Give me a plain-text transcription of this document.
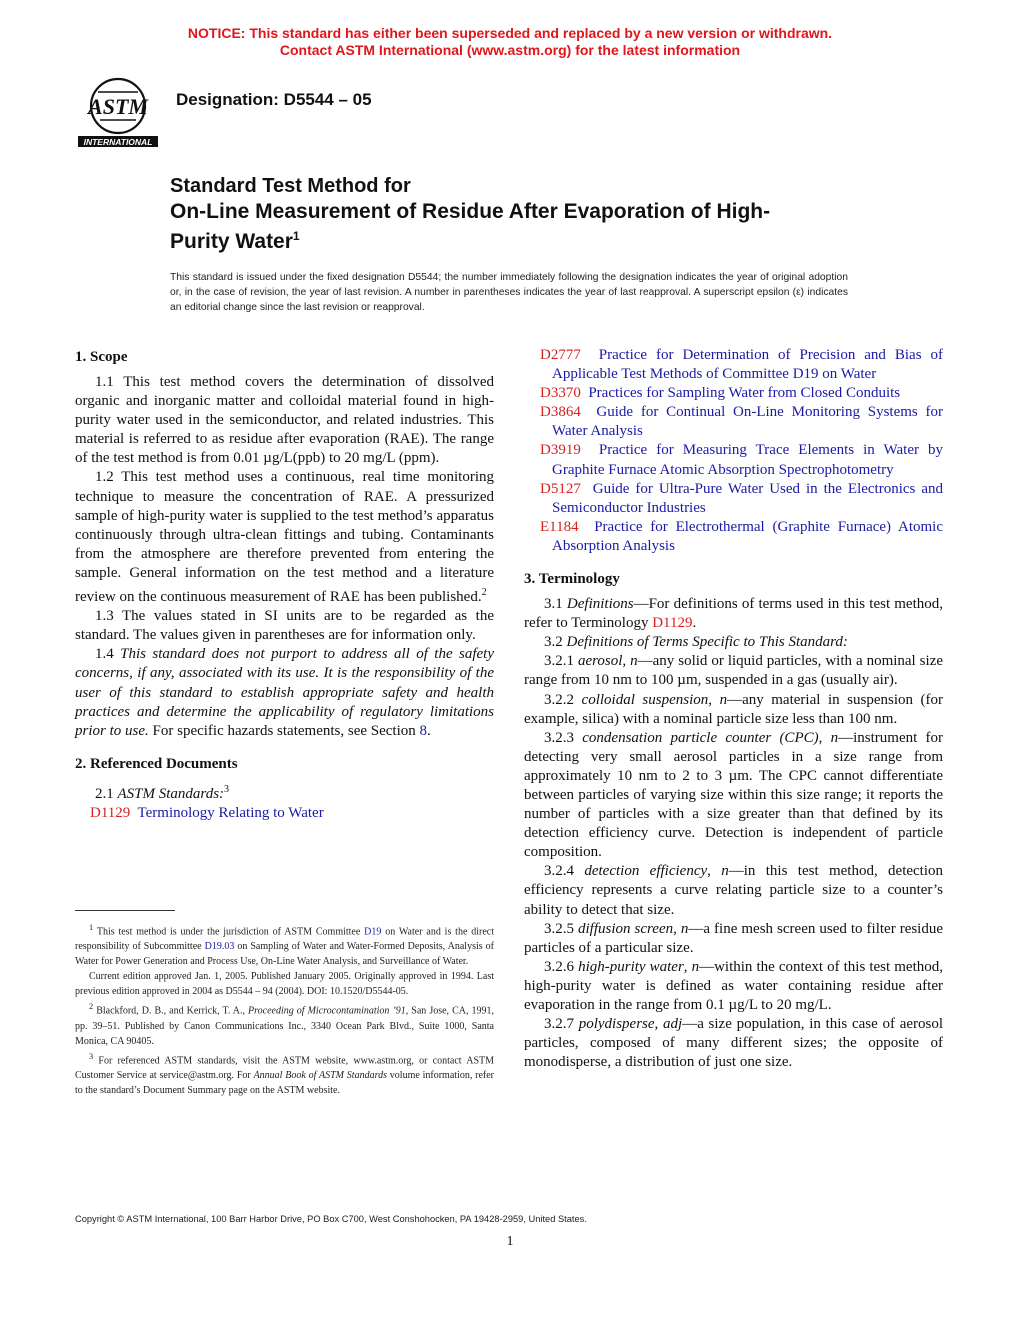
NOTICE: This standard has either been superseded and replaced by a new version or withdrawn.
Contact ASTM International (www.astm.org) for the latest information
ASTM
INTERNATIONAL
Designation: D5544 – 05
Standard Test Method for
On-Line Measurement of Residue After Evaporation of High-
Purity Water$^1$
This standard is issued under the fixed designation D5544; the number immediately following the designation indicates the year of original adoption or, in the case of revision, the year of last revision. A number in parentheses indicates the year of last reapproval. A superscript epsilon (ε) indicates an editorial change since the last revision or reapproval.
1. Scope

1.1 This test method covers the determination of dissolved organic and inorganic matter and colloidal material found in high-purity water used in the semiconductor, and related industries. This material is referred to as residue after evaporation (RAE). The range of the test method is from 0.01 µg/L(ppb) to 20 mg/L (ppm).

1.2 This test method uses a continuous, real time monitoring technique to measure the concentration of RAE. A pressurized sample of high-purity water is supplied to the test method’s apparatus continuously through ultra-clean fittings and tubing. Contaminants from the atmosphere are therefore prevented from entering the sample. General information on the test method and a literature review on the continuous measurement of RAE has been published.$^2$

1.3 The values stated in SI units are to be regarded as the standard. The values given in parentheses are for information only.

1.4 This standard does not purport to address all of the safety concerns, if any, associated with its use. It is the responsibility of the user of this standard to establish appropriate safety and health practices and determine the applicability of regulatory limitations prior to use. For specific hazards statements, see Section 8.

2. Referenced Documents

2.1 ASTM Standards:$^3$

D1129 Terminology Relating to Water

D2777 Practice for Determination of Precision and Bias of Applicable Test Methods of Committee D19 on Water

D3370 Practices for Sampling Water from Closed Conduits

D3864 Guide for Continual On-Line Monitoring Systems for Water Analysis

D3919 Practice for Measuring Trace Elements in Water by Graphite Furnace Atomic Absorption Spectrophotometry

D5127 Guide for Ultra-Pure Water Used in the Electronics and Semiconductor Industries

E1184 Practice for Electrothermal (Graphite Furnace) Atomic Absorption Analysis

3. Terminology

3.1 Definitions—For definitions of terms used in this test method, refer to Terminology D1129.

3.2 Definitions of Terms Specific to This Standard:

3.2.1 aerosol, n—any solid or liquid particles, with a nominal size range from 10 nm to 100 µm, suspended in a gas (usually air).

3.2.2 colloidal suspension, n—any material in suspension (for example, silica) with a nominal particle size less than 100 nm.

3.2.3 condensation particle counter (CPC), n—instrument for detecting very small aerosol particles in a size range from approximately 10 nm to 2 to 3 µm. The CPC cannot differentiate between particles of varying size within this size range; it reports the number of particles with a size greater than that defined by its detection efficiency curve. Detection is independent of particle composition.

3.2.4 detection efficiency, n—in this test method, detection efficiency represents a curve relating particle size to a counter’s ability to detect that size.

3.2.5 diffusion screen, n—a fine mesh screen used to filter residue particles of a particular size.

3.2.6 high-purity water, n—within the context of this test method, high-purity water is defined as water containing residue after evaporation in the range from 0.1 µg/L to 20 mg/L.

3.2.7 polydisperse, adj—a size population, in this case of aerosol particles, composed of many different sizes; the opposite of monodisperse, a distribution of just one size.

$^1$ This test method is under the jurisdiction of ASTM Committee D19 on Water and is the direct responsibility of Subcommittee D19.03 on Sampling of Water and Water-Formed Deposits, Analysis of Water for Power Generation and Process Use, On-Line Water Analysis, and Surveillance of Water.

Current edition approved Jan. 1, 2005. Published January 2005. Originally approved in 1994. Last previous edition approved in 2004 as D5544 – 94 (2004). DOI: 10.1520/D5544-05.

$^2$ Blackford, D. B., and Kerrick, T. A., Proceeding of Microcontamination ’91, San Jose, CA, 1991, pp. 39–51. Published by Canon Communications Inc., 3340 Ocean Park Blvd., Suite 1000, Santa Monica, CA 90405.

$^3$ For referenced ASTM standards, visit the ASTM website, www.astm.org, or contact ASTM Customer Service at service@astm.org. For Annual Book of ASTM Standards volume information, refer to the standard’s Document Summary page on the ASTM website.

Copyright © ASTM International, 100 Barr Harbor Drive, PO Box C700, West Conshohocken, PA 19428-2959, United States.
1
